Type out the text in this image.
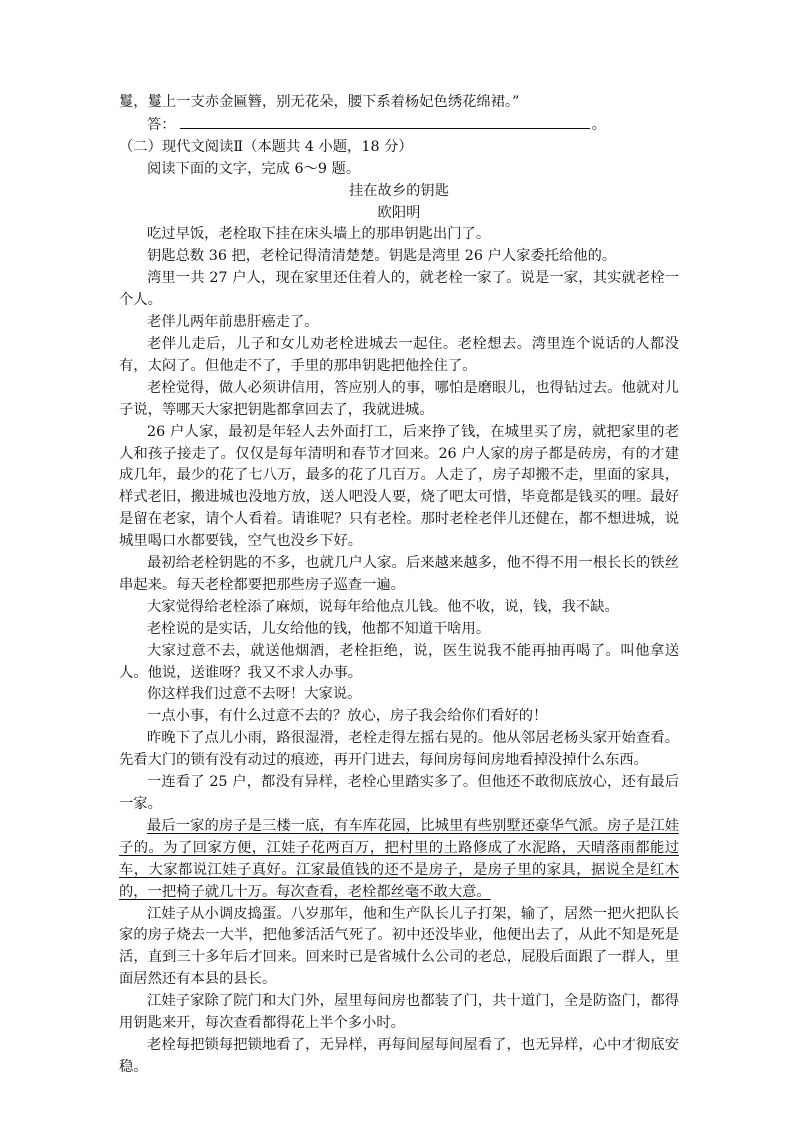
鬘，鬘上一支赤金匾簪，别无花朵，腰下系着杨妃色绣花绵裙。”

答：	。

（二）现代文阅读Ⅱ（本题共 4 小题，18 分）

阅读下面的文字，完成 6～9 题。

挂在故乡的钥匙

欧阳明

吃过早饭，老栓取下挂在床头墙上的那串钥匙出门了。

钥匙总数 36 把，老栓记得清清楚楚。钥匙是湾里 26 户人家委托给他的。

湾里一共 27 户人，现在家里还住着人的，就老栓一家了。说是一家，其实就老栓一个人。

老伴儿两年前患肝癌走了。

老伴儿走后，儿子和女儿劝老栓进城去一起住。老栓想去。湾里连个说话的人都没有，太闷了。但他走不了，手里的那串钥匙把他拴住了。

老栓觉得，做人必须讲信用，答应别人的事，哪怕是磨眼儿，也得钻过去。他就对儿子说，等哪天大家把钥匙都拿回去了，我就进城。

26 户人家，最初是年轻人去外面打工，后来挣了钱，在城里买了房，就把家里的老人和孩子接走了。仅仅是每年清明和春节才回来。26 户人家的房子都是砖房，有的才建成几年，最少的花了七八万，最多的花了几百万。人走了，房子却搬不走，里面的家具，样式老旧，搬进城也没地方放，送人吧没人要，烧了吧太可惜，毕竟都是钱买的哩。最好是留在老家，请个人看着。请谁呢？只有老栓。那时老栓老伴儿还健在，都不想进城，说城里喝口水都要钱，空气也没乡下好。

最初给老栓钥匙的不多，也就几户人家。后来越来越多，他不得不用一根长长的铁丝串起来。每天老栓都要把那些房子巡查一遍。

大家觉得给老栓添了麻烦，说每年给他点儿钱。他不收，说，钱，我不缺。

老栓说的是实话，儿女给他的钱，他都不知道干啥用。

大家过意不去，就送他烟酒，老栓拒绝，说，医生说我不能再抽再喝了。叫他拿送人。他说，送谁呀？我又不求人办事。

你这样我们过意不去呀！大家说。

一点小事，有什么过意不去的？放心，房子我会给你们看好的！

昨晚下了点儿小雨，路很湿滑，老栓走得左摇右晃的。他从邻居老杨头家开始查看。先看大门的锁有没有动过的痕迹，再开门进去，每间房每间房地看掉没掉什么东西。

一连看了 25 户，都没有异样，老栓心里踏实多了。但他还不敢彻底放心，还有最后一家。

最后一家的房子是三楼一底，有车库花园，比城里有些别墅还豪华气派。房子是江娃子的。为了回家方便，江娃子花两百万，把村里的土路修成了水泥路，天晴落雨都能过车，大家都说江娃子真好。江家最值钱的还不是房子，是房子里的家具，据说全是红木的，一把椅子就几十万。每次查看，老栓都丝毫不敢大意。

江娃子从小调皮捣蛋。八岁那年，他和生产队长儿子打架，输了，居然一把火把队长家的房子烧去一大半，把他爹活活气死了。初中还没毕业，他便出去了，从此不知是死是活，直到三十多年后才回来。回来时已是省城什么公司的老总，屁股后面跟了一群人，里面居然还有本县的县长。

江娃子家除了院门和大门外，屋里每间房也都装了门，共十道门，全是防盗门，都得用钥匙来开，每次查看都得花上半个多小时。

老栓每把锁每把锁地看了，无异样，再每间屋每间屋看了，也无异样，心中才彻底安稳。
